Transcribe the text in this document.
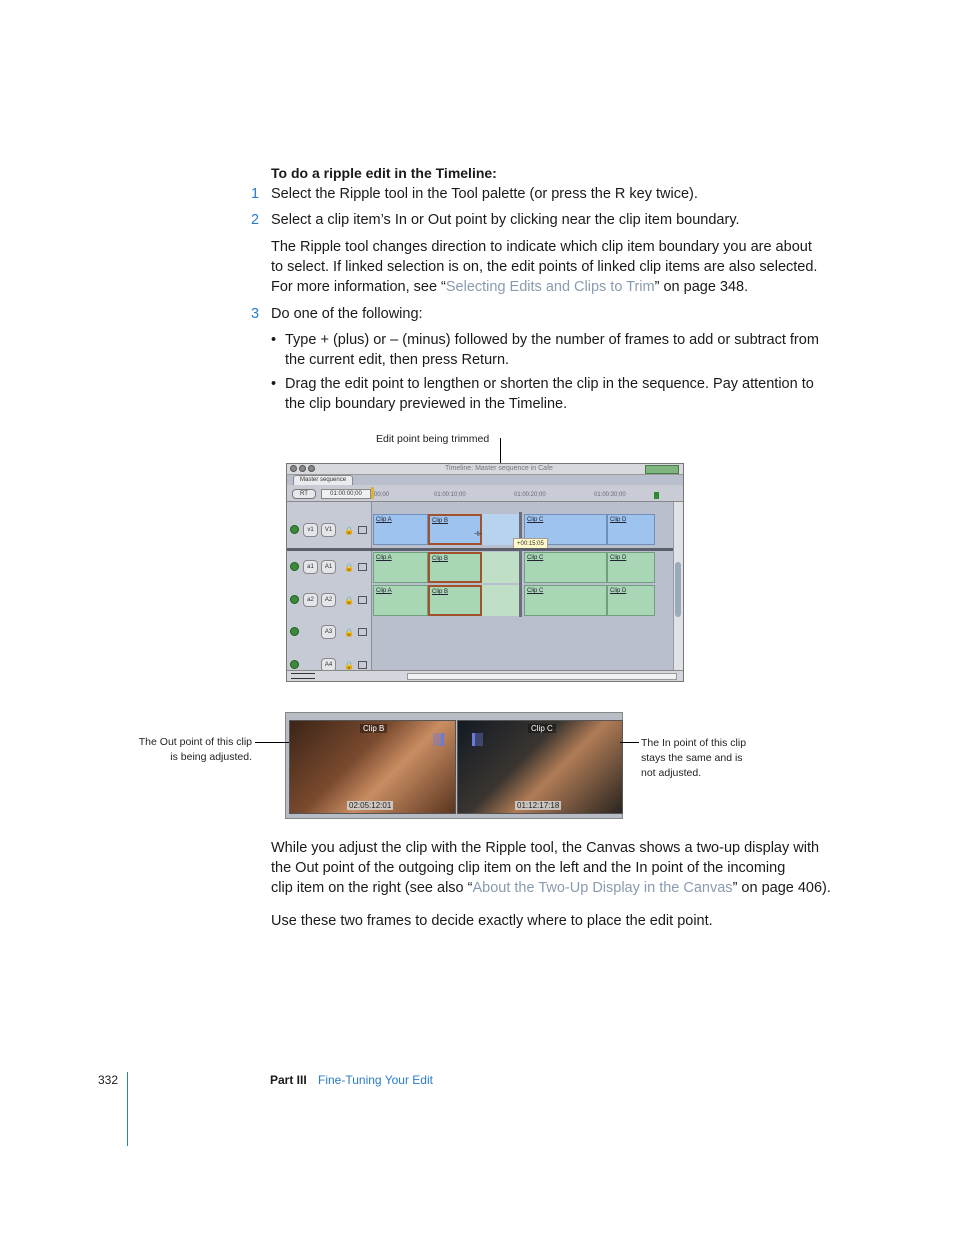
To do a ripple edit in the Timeline:
1 Select the Ripple tool in the Tool palette (or press the R key twice).
2 Select a clip item’s In or Out point by clicking near the clip item boundary.
The Ripple tool changes direction to indicate which clip item boundary you are about
to select. If linked selection is on, the edit points of linked clip items are also selected.
For more information, see “Selecting Edits and Clips to Trim” on page 348.
3 Do one of the following:
• Type + (plus) or – (minus) followed by the number of frames to add or subtract from
the current edit, then press Return.
• Drag the edit point to lengthen or shorten the clip in the sequence. Pay attention to
the clip boundary previewed in the Timeline.
Edit point being trimmed
Timeline: Master sequence in Cafe
Master sequence
RT	01:00:00;00	00;00	01:00:10;00	01:00:20;00	01:00:30;00
v1	V1	🔒
Clip A	Clip B
⟛
Clip C	Clip D
+00:15:05
a1	A1	🔒
Clip A	Clip B	Clip C	Clip D
a2	A2	🔒
Clip A	Clip B	Clip C	Clip D
A3	🔒
A4	🔒
Clip B
02:05:12:01
Clip C
01:12:17:18
The Out point of this clip
is being adjusted.
The In point of this clip
stays the same and is
not adjusted.
While you adjust the clip with the Ripple tool, the Canvas shows a two-up display with
the Out point of the outgoing clip item on the left and the In point of the incoming
clip item on the right (see also “About the Two-Up Display in the Canvas” on page 406).
Use these two frames to decide exactly where to place the edit point.
332	Part III Fine-Tuning Your Edit
